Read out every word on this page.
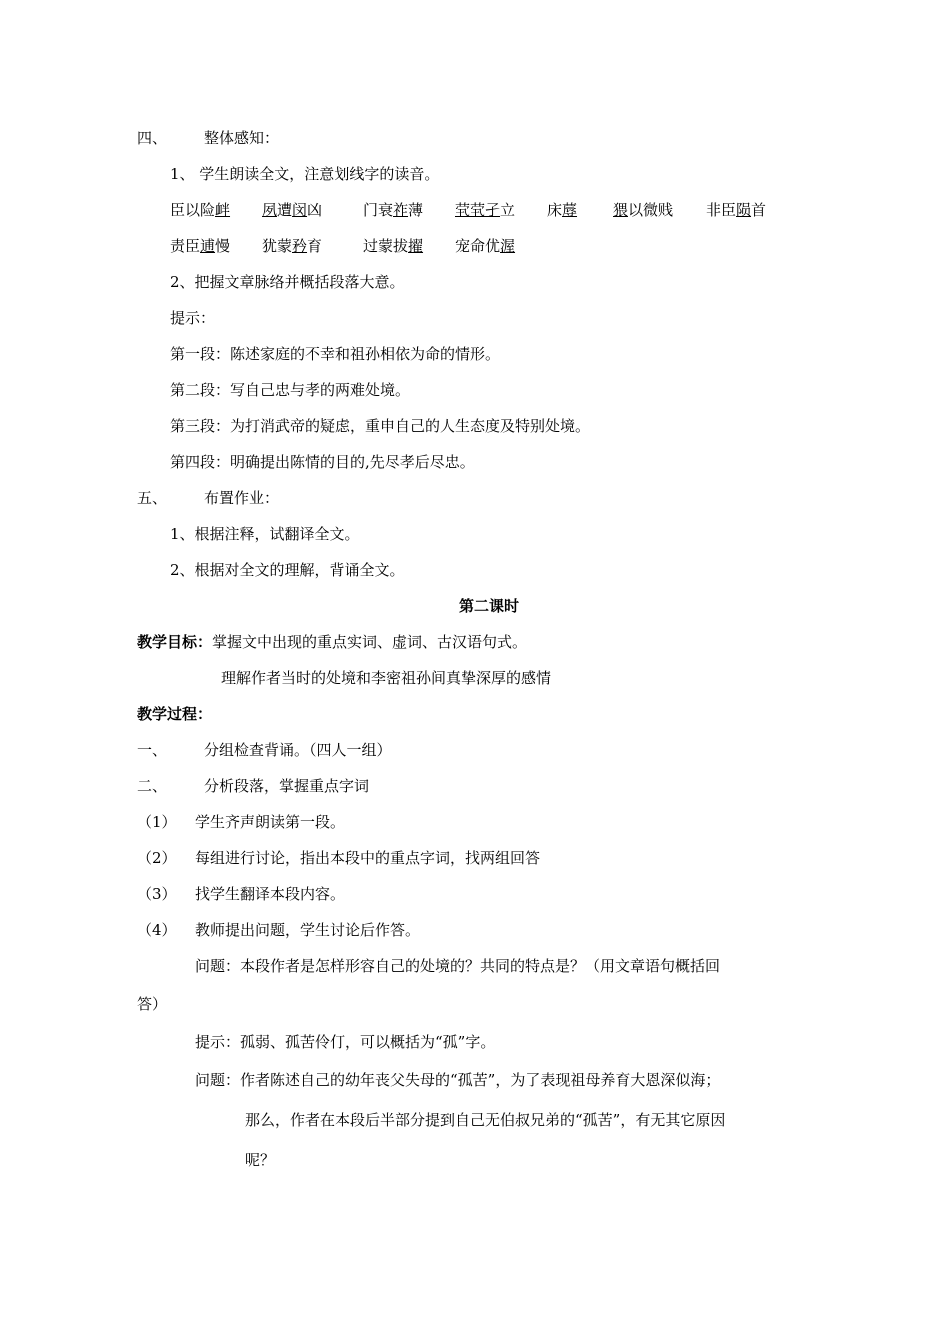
四、 整体感知：
1、 学生朗读全文，注意划线字的读音。
臣以险衅 夙遭闵凶	门衰祚薄 茕茕孑立 床蓐 猥以微贱 非臣陨首
责臣逋慢 犹蒙矜育	过蒙拔擢 宠命优渥
2、把握文章脉络并概括段落大意。
提示：
第一段：陈述家庭的不幸和祖孙相依为命的情形。
第二段：写自己忠与孝的两难处境。
第三段：为打消武帝的疑虑，重申自己的人生态度及特别处境。
第四段：明确提出陈情的目的,先尽孝后尽忠。
五、 布置作业：
1、根据注释，试翻译全文。
2、根据对全文的理解，背诵全文。
第二课时
教学目标：掌握文中出现的重点实词、虚词、古汉语句式。
理解作者当时的处境和李密祖孙间真挚深厚的感情
教学过程：
一、 分组检查背诵。（四人一组）
二、 分析段落，掌握重点字词
（1） 学生齐声朗读第一段。
（2） 每组进行讨论，指出本段中的重点字词，找两组回答
（3） 找学生翻译本段内容。
（4） 教师提出问题，学生讨论后作答。
问题：本段作者是怎样形容自己的处境的？共同的特点是？（用文章语句概括回
答）
提示：孤弱、孤苦伶仃，可以概括为“孤”字。
问题：作者陈述自己的幼年丧父失母的“孤苦”，为了表现祖母养育大恩深似海；
那么，作者在本段后半部分提到自己无伯叔兄弟的“孤苦”，有无其它原因
呢？
